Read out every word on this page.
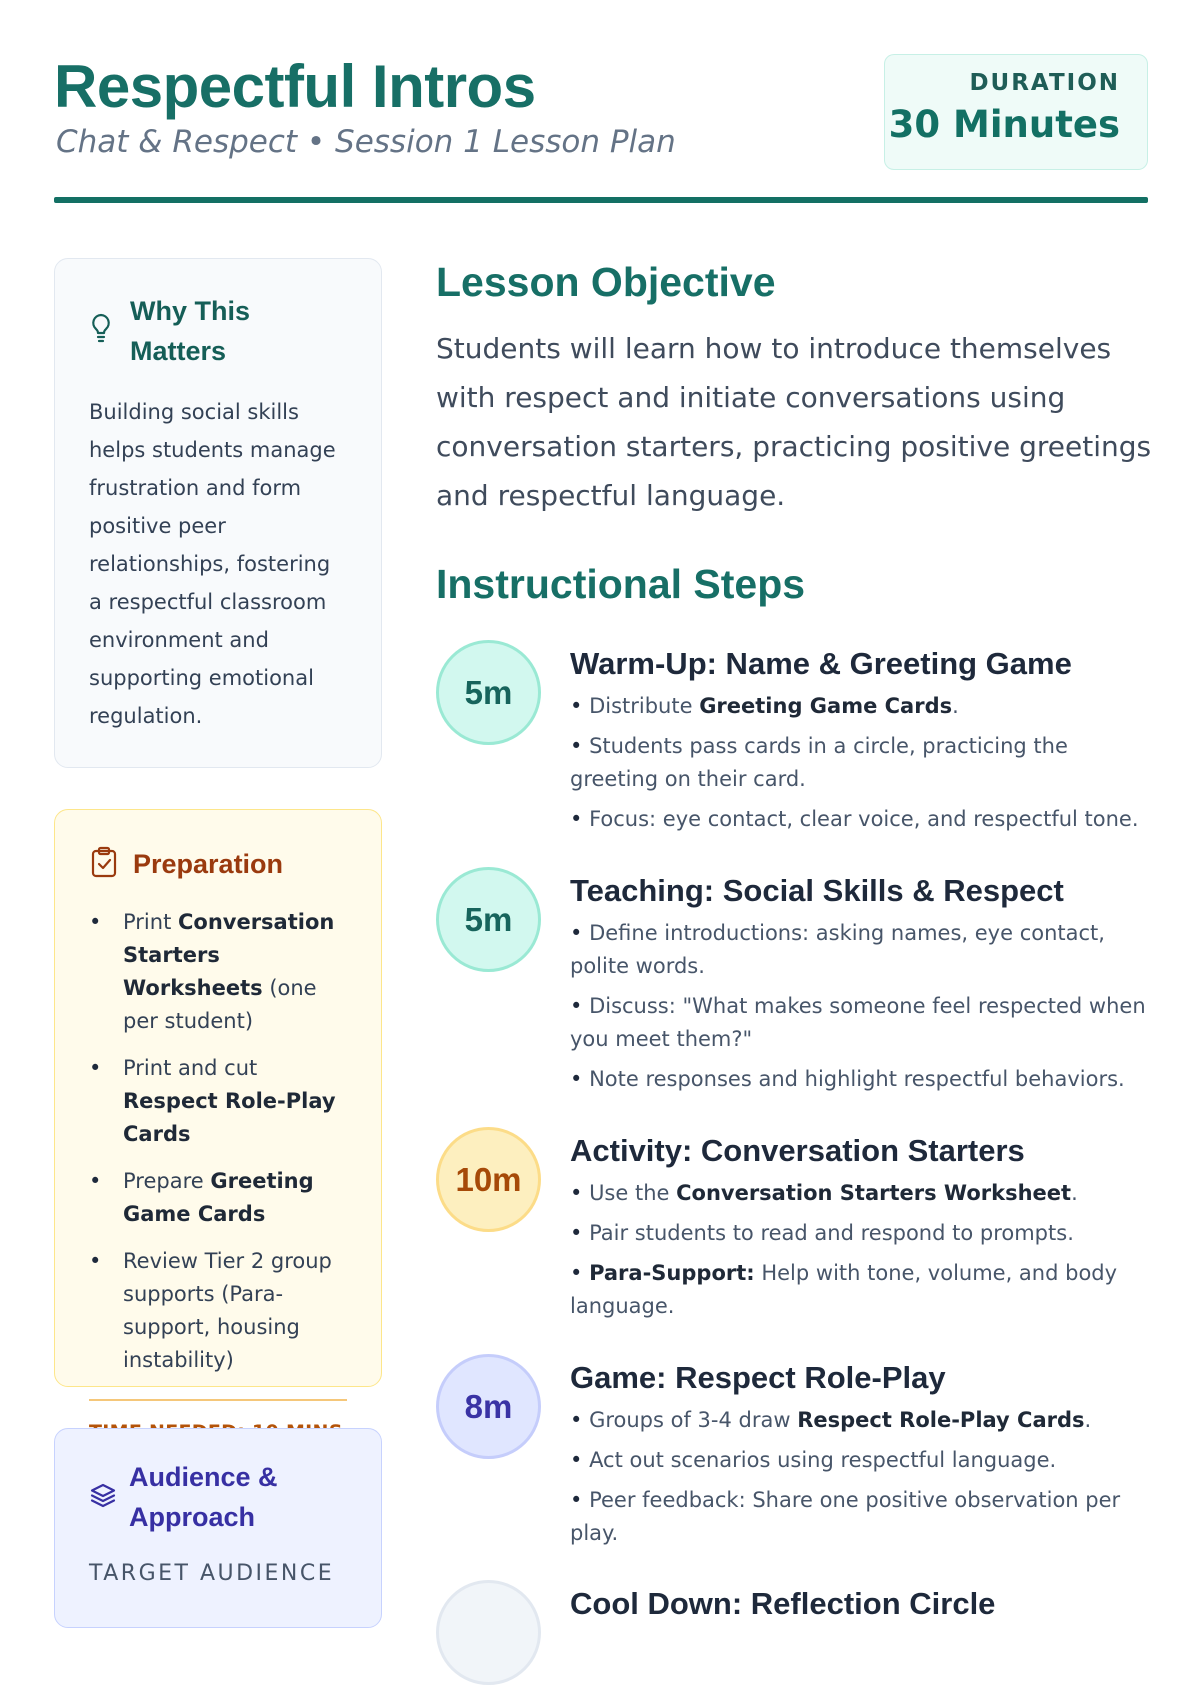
Respectful Intros
Chat & Respect • Session 1 Lesson Plan
DURATION
30 Minutes
Why This Matters
Building social skills helps students manage frustration and form positive peer relationships, fostering a respectful classroom environment and supporting emotional regulation.
Preparation
• Print Conversation Starters Worksheets (one per student)
• Print and cut Respect Role-Play Cards
• Prepare Greeting Game Cards
• Review Tier 2 group supports (Para-support, housing instability)
Audience & Approach
TARGET AUDIENCE
Lesson Objective
Students will learn how to introduce themselves with respect and initiate conversations using conversation starters, practicing positive greetings and respectful language.
Instructional Steps
5m
Warm-Up: Name & Greeting Game
• Distribute Greeting Game Cards.
• Students pass cards in a circle, practicing the greeting on their card.
• Focus: eye contact, clear voice, and respectful tone.
5m
Teaching: Social Skills & Respect
• Define introductions: asking names, eye contact, polite words.
• Discuss: "What makes someone feel respected when you meet them?"
• Note responses and highlight respectful behaviors.
10m
Activity: Conversation Starters
• Use the Conversation Starters Worksheet.
• Pair students to read and respond to prompts.
• Para-Support: Help with tone, volume, and body language.
8m
Game: Respect Role-Play
• Groups of 3-4 draw Respect Role-Play Cards.
• Act out scenarios using respectful language.
• Peer feedback: Share one positive observation per play.
Cool Down: Reflection Circle
